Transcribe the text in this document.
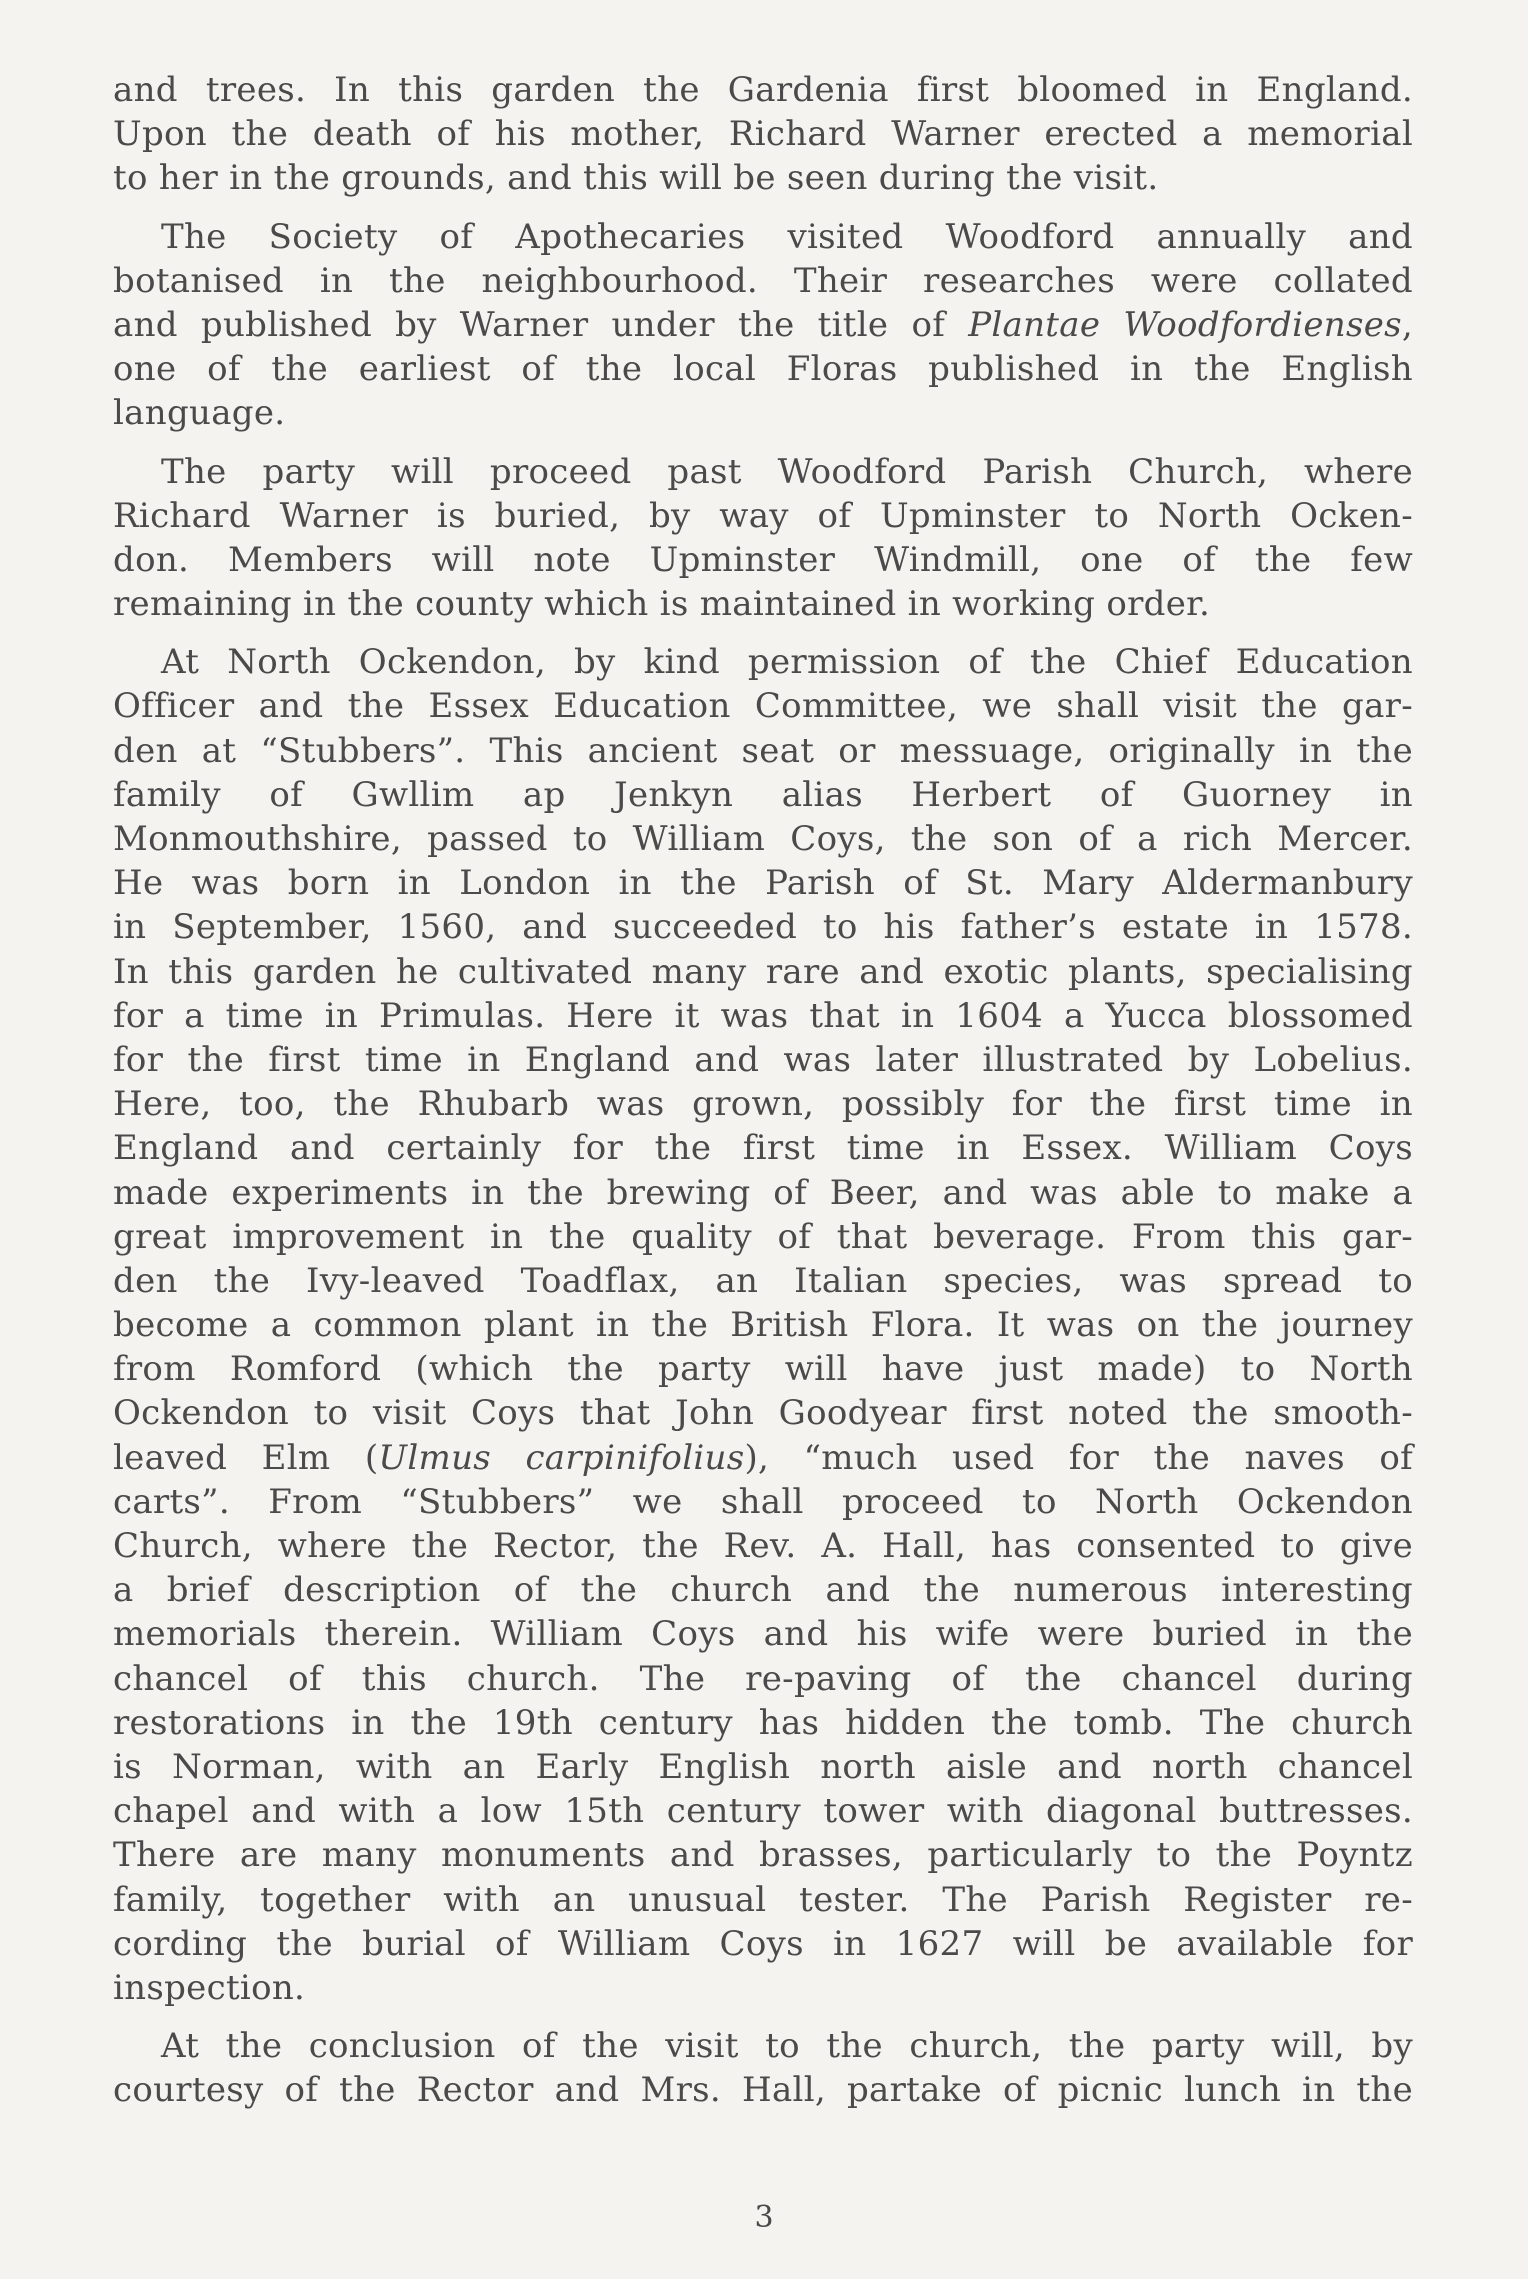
and trees. In this garden the Gardenia first bloomed in England.
Upon the death of his mother, Richard Warner erected a memorial
to her in the grounds, and this will be seen during the visit.
The Society of Apothecaries visited Woodford annually and
botanised in the neighbourhood. Their researches were collated
and published by Warner under the title of Plantae Woodfordienses,
one of the earliest of the local Floras published in the English
language.
The party will proceed past Woodford Parish Church, where
Richard Warner is buried, by way of Upminster to North Ocken-
don. Members will note Upminster Windmill, one of the few
remaining in the county which is maintained in working order.
At North Ockendon, by kind permission of the Chief Education
Officer and the Essex Education Committee, we shall visit the gar-
den at “Stubbers”. This ancient seat or messuage, originally in the
family of Gwllim ap Jenkyn alias Herbert of Guorney in
Monmouthshire, passed to William Coys, the son of a rich Mercer.
He was born in London in the Parish of St. Mary Aldermanbury
in September, 1560, and succeeded to his father’s estate in 1578.
In this garden he cultivated many rare and exotic plants, specialising
for a time in Primulas. Here it was that in 1604 a Yucca blossomed
for the first time in England and was later illustrated by Lobelius.
Here, too, the Rhubarb was grown, possibly for the first time in
England and certainly for the first time in Essex. William Coys
made experiments in the brewing of Beer, and was able to make a
great improvement in the quality of that beverage. From this gar-
den the Ivy-leaved Toadflax, an Italian species, was spread to
become a common plant in the British Flora. It was on the journey
from Romford (which the party will have just made) to North
Ockendon to visit Coys that John Goodyear first noted the smooth-
leaved Elm (Ulmus carpinifolius), “much used for the naves of
carts”. From “Stubbers” we shall proceed to North Ockendon
Church, where the Rector, the Rev. A. Hall, has consented to give
a brief description of the church and the numerous interesting
memorials therein. William Coys and his wife were buried in the
chancel of this church. The re-paving of the chancel during
restorations in the 19th century has hidden the tomb. The church
is Norman, with an Early English north aisle and north chancel
chapel and with a low 15th century tower with diagonal buttresses.
There are many monuments and brasses, particularly to the Poyntz
family, together with an unusual tester. The Parish Register re-
cording the burial of William Coys in 1627 will be available for
inspection.
At the conclusion of the visit to the church, the party will, by
courtesy of the Rector and Mrs. Hall, partake of picnic lunch in the
3
